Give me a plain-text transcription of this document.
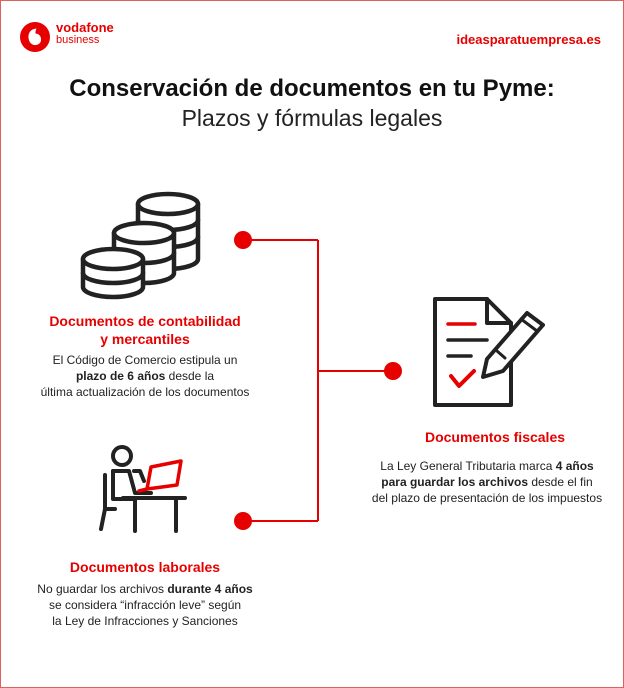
vodafone
business	ideasparatuempresa.es
Conservación de documentos en tu Pyme:
Plazos y fórmulas legales
Documentos de contabilidad
y mercantiles
El Código de Comercio estipula un
plazo de 6 años desde la
última actualización de los documentos
Documentos laborales
No guardar los archivos durante 4 años
se considera “infracción leve” según
la Ley de Infracciones y Sanciones
Documentos fiscales
La Ley General Tributaria marca 4 años
para guardar los archivos desde el fin
del plazo de presentación de los impuestos
